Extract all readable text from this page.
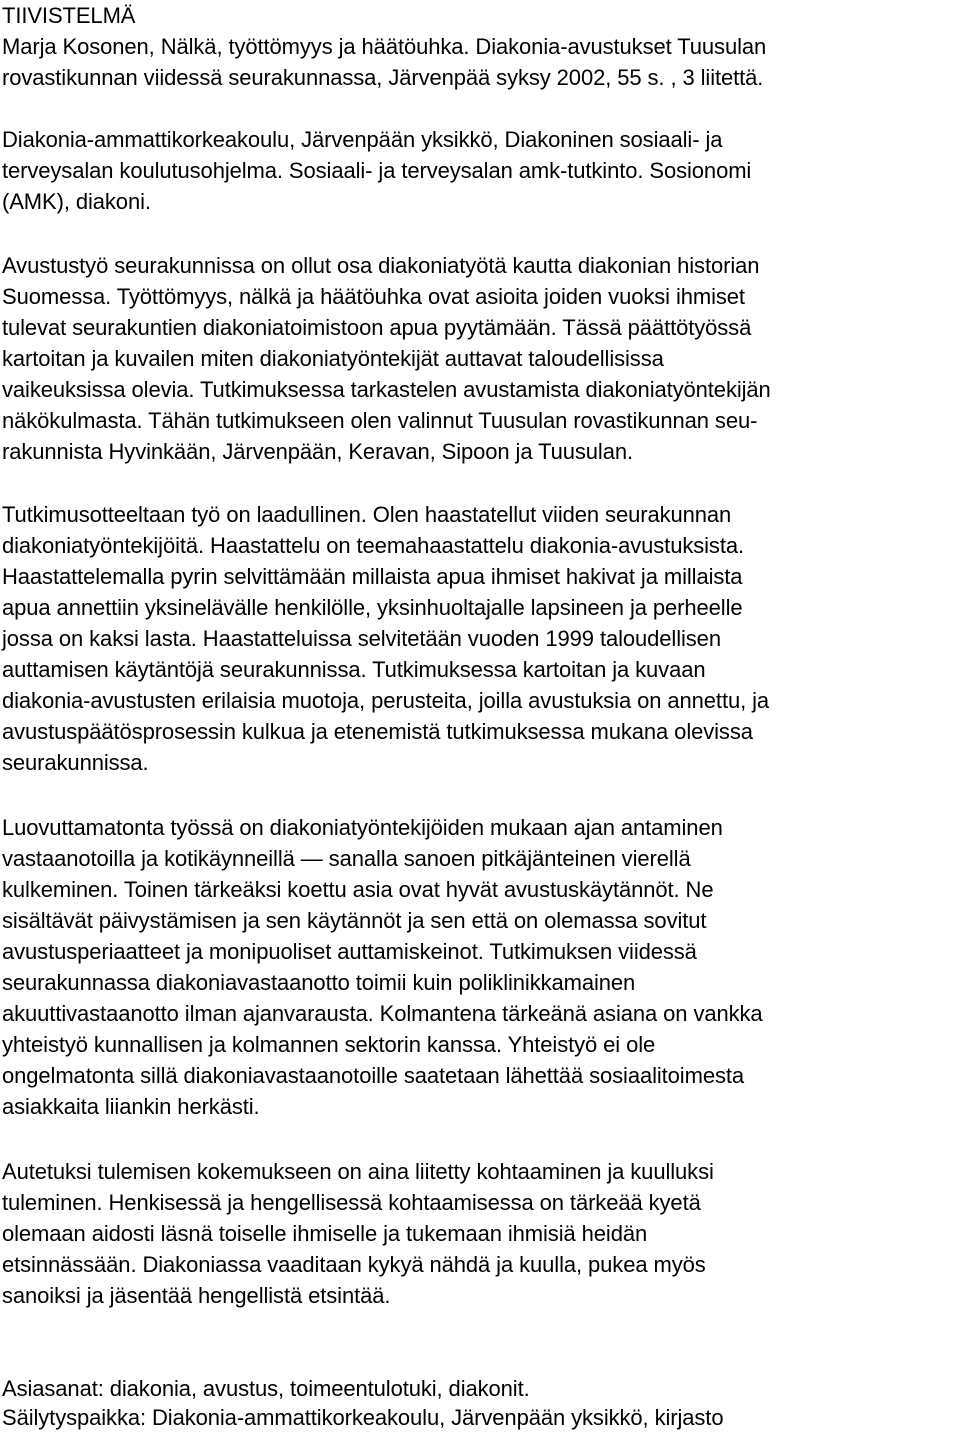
TIIVISTELMÄ
Marja Kosonen, Nälkä, työttömyys ja häätöuhka. Diakonia-avustukset Tuusulan
rovastikunnan viidessä seurakunnassa, Järvenpää syksy 2002, 55 s. , 3 liitettä.
Diakonia-ammattikorkeakoulu, Järvenpään yksikkö, Diakoninen sosiaali- ja
terveysalan koulutusohjelma. Sosiaali- ja terveysalan amk-tutkinto. Sosionomi
(AMK), diakoni.
Avustustyö seurakunnissa on ollut osa diakoniatyötä kautta diakonian historian
Suomessa. Työttömyys, nälkä ja häätöuhka ovat asioita joiden vuoksi ihmiset
tulevat seurakuntien diakoniatoimistoon apua pyytämään. Tässä päättötyössä
kartoitan ja kuvailen miten diakoniatyöntekijät auttavat taloudellisissa
vaikeuksissa olevia. Tutkimuksessa tarkastelen avustamista diakoniatyöntekijän
näkökulmasta. Tähän tutkimukseen olen valinnut Tuusulan rovastikunnan seu-
rakunnista Hyvinkään, Järvenpään, Keravan, Sipoon ja Tuusulan.
Tutkimusotteeltaan työ on laadullinen. Olen haastatellut viiden seurakunnan
diakoniatyöntekijöitä. Haastattelu on teemahaastattelu diakonia-avustuksista.
Haastattelemalla pyrin selvittämään millaista apua ihmiset hakivat ja millaista
apua annettiin yksinelävälle henkilölle, yksinhuoltajalle lapsineen ja perheelle
jossa on kaksi lasta. Haastatteluissa selvitetään vuoden 1999 taloudellisen
auttamisen käytäntöjä seurakunnissa. Tutkimuksessa kartoitan ja kuvaan
diakonia-avustusten erilaisia muotoja, perusteita, joilla avustuksia on annettu, ja
avustuspäätösprosessin kulkua ja etenemistä tutkimuksessa mukana olevissa
seurakunnissa.
Luovuttamatonta työssä on diakoniatyöntekijöiden mukaan ajan antaminen
vastaanotoilla ja kotikäynneillä — sanalla sanoen pitkäjänteinen vierellä
kulkeminen. Toinen tärkeäksi koettu asia ovat hyvät avustuskäytännöt. Ne
sisältävät päivystämisen ja sen käytännöt ja sen että on olemassa sovitut
avustusperiaatteet ja monipuoliset auttamiskeinot. Tutkimuksen viidessä
seurakunnassa diakoniavastaanotto toimii kuin poliklinikkamainen
akuuttivastaanotto ilman ajanvarausta. Kolmantena tärkeänä asiana on vankka
yhteistyö kunnallisen ja kolmannen sektorin kanssa. Yhteistyö ei ole
ongelmatonta sillä diakoniavastaanotoille saatetaan lähettää sosiaalitoimesta
asiakkaita liiankin herkästi.
Autetuksi tulemisen kokemukseen on aina liitetty kohtaaminen ja kuulluksi
tuleminen. Henkisessä ja hengellisessä kohtaamisessa on tärkeää kyetä
olemaan aidosti läsnä toiselle ihmiselle ja tukemaan ihmisiä heidän
etsinnässään. Diakoniassa vaaditaan kykyä nähdä ja kuulla, pukea myös
sanoiksi ja jäsentää hengellistä etsintää.
Asiasanat: diakonia, avustus, toimeentulotuki, diakonit.
Säilytyspaikka: Diakonia-ammattikorkeakoulu, Järvenpään yksikkö, kirjasto
